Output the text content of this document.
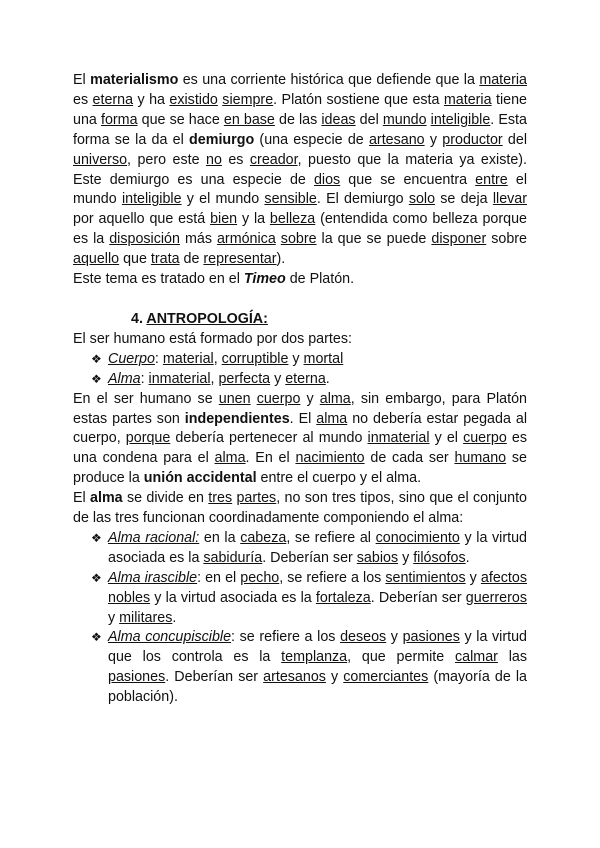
El materialismo es una corriente histórica que defiende que la materia es eterna y ha existido siempre. Platón sostiene que esta materia tiene una forma que se hace en base de las ideas del mundo inteligible. Esta forma se la da el demiurgo (una especie de artesano y productor del universo, pero este no es creador, puesto que la materia ya existe). Este demiurgo es una especie de dios que se encuentra entre el mundo inteligible y el mundo sensible. El demiurgo solo se deja llevar por aquello que está bien y la belleza (entendida como belleza porque es la disposición más armónica sobre la que se puede disponer sobre aquello que trata de representar).

Este tema es tratado en el Timeo de Platón.

4. ANTROPOLOGÍA:

El ser humano está formado por dos partes:

❖ Cuerpo: material, corruptible y mortal
❖ Alma: inmaterial, perfecta y eterna.

En el ser humano se unen cuerpo y alma, sin embargo, para Platón estas partes son independientes. El alma no debería estar pegada al cuerpo, porque debería pertenecer al mundo inmaterial y el cuerpo es una condena para el alma. En el nacimiento de cada ser humano se produce la unión accidental entre el cuerpo y el alma.

El alma se divide en tres partes, no son tres tipos, sino que el conjunto de las tres funcionan coordinadamente componiendo el alma:

❖ Alma racional: en la cabeza, se refiere al conocimiento y la virtud asociada es la sabiduría. Deberían ser sabios y filósofos.
❖ Alma irascible: en el pecho, se refiere a los sentimientos y afectos nobles y la virtud asociada es la fortaleza. Deberían ser guerreros y militares.
❖ Alma concupiscible: se refiere a los deseos y pasiones y la virtud que los controla es la templanza, que permite calmar las pasiones. Deberían ser artesanos y comerciantes (mayoría de la población).
